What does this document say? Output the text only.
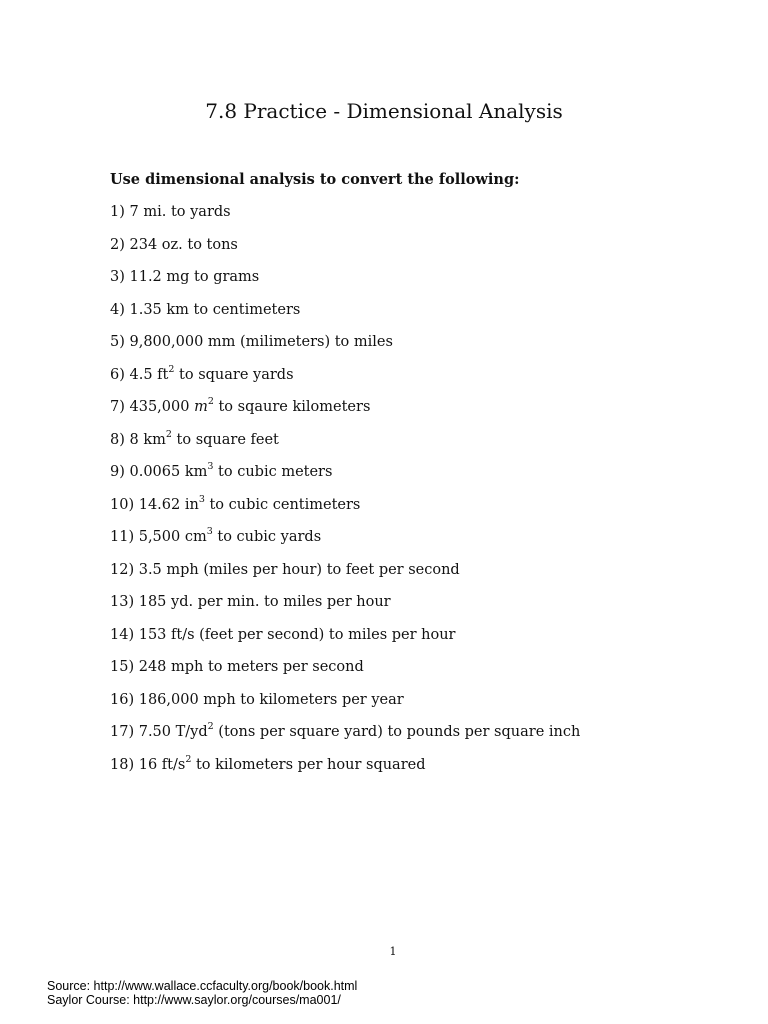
7.8 Practice - Dimensional Analysis
Use dimensional analysis to convert the following:
1) 7 mi. to yards
2) 234 oz. to tons
3) 11.2 mg to grams
4) 1.35 km to centimeters
5) 9,800,000 mm (milimeters) to miles
6) 4.5 $ft^2$ to square yards
7) 435,000 $m^2$ to sqaure kilometers
8) 8 $km^2$ to square feet
9) 0.0065 $km^3$ to cubic meters
10) 14.62 $in^3$ to cubic centimeters
11) 5,500 $cm^3$ to cubic yards
12) 3.5 mph (miles per hour) to feet per second
13) 185 yd. per min. to miles per hour
14) 153 ft/s (feet per second) to miles per hour
15) 248 mph to meters per second
16) 186,000 mph to kilometers per year
17) 7.50 $T/yd^2$ (tons per square yard) to pounds per square inch
18) 16 $ft/s^2$ to kilometers per hour squared
1
Source: http://www.wallace.ccfaculty.org/book/book.html
Saylor Course: http://www.saylor.org/courses/ma001/
